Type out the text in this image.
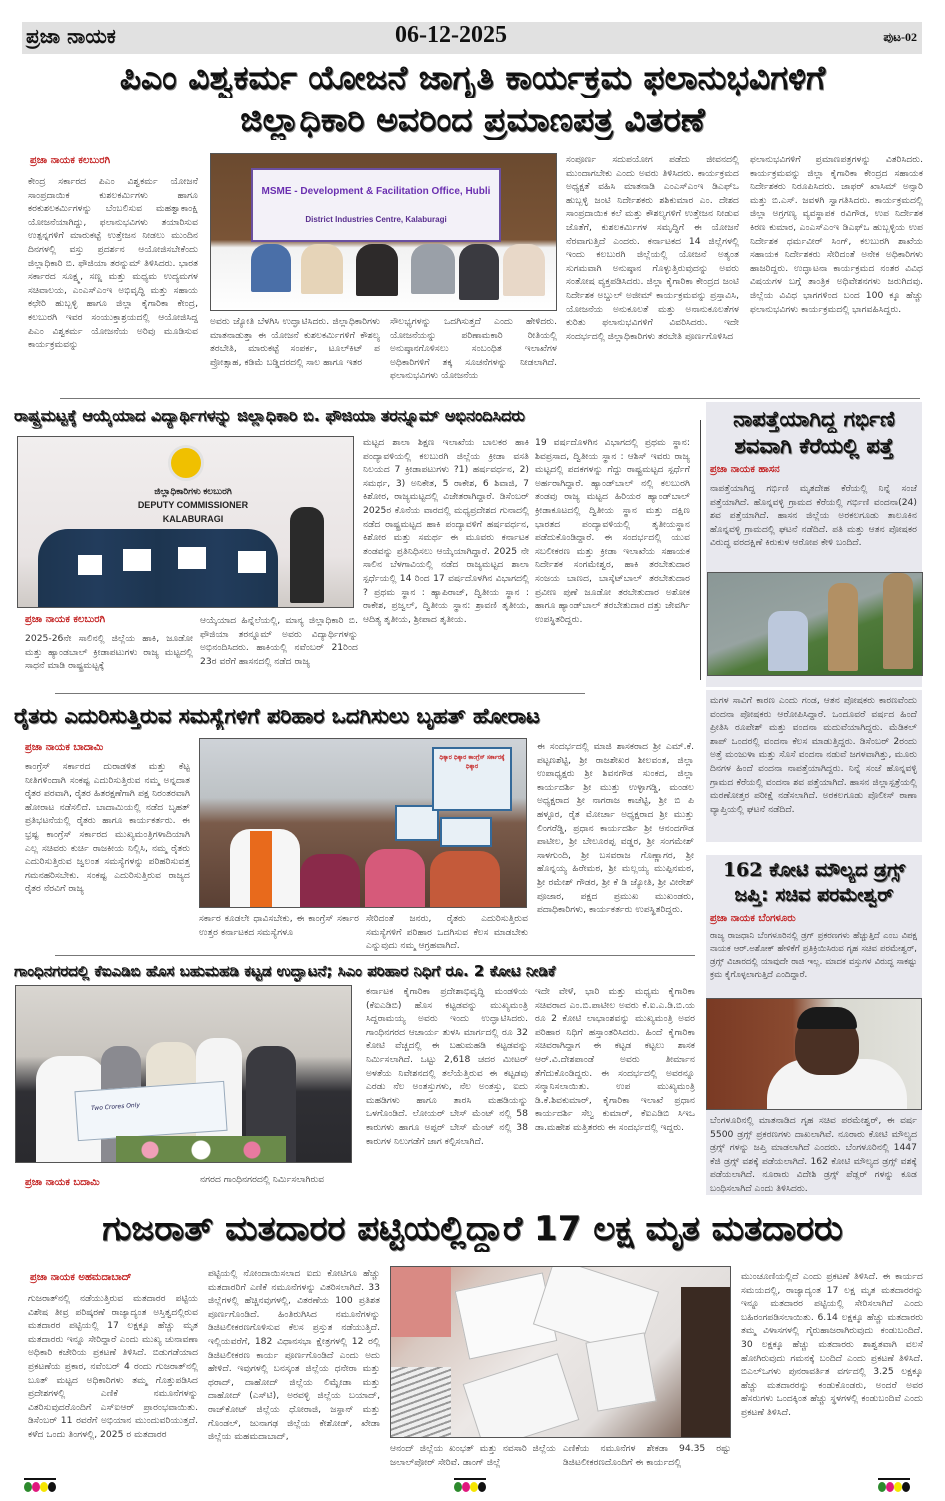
ಪ್ರಜಾ ನಾಯಕ	06-12-2025	ಪುಟ-02
ಪಿಎಂ ವಿಶ್ವಕರ್ಮ ಯೋಜನೆ ಜಾಗೃತಿ ಕಾರ್ಯಕ್ರಮ ಫಲಾನುಭವಿಗಳಿಗೆ
ಜಿಲ್ಲಾಧಿಕಾರಿ ಅವರಿಂದ ಪ್ರಮಾಣಪತ್ರ ವಿತರಣೆ
ಪ್ರಜಾ ನಾಯಕ ಕಲಬುರಗಿ
ಕೇಂದ್ರ ಸರ್ಕಾರದ ಪಿಎಂ ವಿಶ್ವಕರ್ಮ ಯೋಜನೆ ಸಾಂಪ್ರದಾಯಿಕ ಕುಶಲಕರ್ಮಿಗಳು ಹಾಗೂ ಕರಕುಶಲಕರ್ಮಿಗಳನ್ನು ಬೆಂಬಲಿಸುವ ಮಹತ್ವಾಕಾಂಕ್ಷಿ ಯೋಜನೆಯಾಗಿದ್ದು, ಫಲಾನುಭವಿಗಳು ತಯಾರಿಸುವ ಉತ್ಪನ್ನಗಳಿಗೆ ಮಾರುಕಟ್ಟೆ ಉತ್ತೇಜನ ನೀಡಲು ಮುಂದಿನ ದಿನಗಳಲ್ಲಿ ವಸ್ತು ಪ್ರದರ್ಶನ ಆಯೋಜಿಸಬೇಕೆಂದು ಜಿಲ್ಲಾಧಿಕಾರಿ ಬಿ. ಫೌಜಿಯಾ ತರನ್ನುಮ್ ತಿಳಿಸಿದರು. ಭಾರತ ಸರ್ಕಾರದ ಸೂಕ್ಷ್ಮ, ಸಣ್ಣ ಮತ್ತು ಮಧ್ಯಮ ಉದ್ಯಮಗಳ ಸಚಿವಾಲಯ, ಎಂಎಸ್‌ಎಂಇ ಅಭಿವೃದ್ಧಿ ಮತ್ತು ಸಹಾಯ ಕಛೇರಿ ಹುಬ್ಬಳ್ಳಿ ಹಾಗೂ ಜಿಲ್ಲಾ ಕೈಗಾರಿಕಾ ಕೇಂದ್ರ, ಕಲಬುರಗಿ ಇವರ ಸಂಯುಕ್ತಾಶ್ರಯದಲ್ಲಿ ಆಯೋಜಿಸಿದ್ದ ಪಿಎಂ ವಿಶ್ವಕರ್ಮ ಯೋಜನೆಯ ಅರಿವು ಮೂಡಿಸುವ ಕಾರ್ಯಕ್ರಮವನ್ನು
MSME - Development & Facilitation Office, Hubli
District Industries Centre, Kalaburagi
ಅವರು ಜ್ಯೋತಿ ಬೆಳಗಿಸಿ ಉದ್ಘಾಟಿಸಿದರು. ಜಿಲ್ಲಾಧಿಕಾರಿಗಳು ಮಾತನಾಡುತ್ತಾ ಈ ಯೋಜನೆ ಕುಶಲಕರ್ಮಿಗಳಿಗೆ ಕೌಶಲ್ಯ ತರಬೇತಿ, ಮಾರುಕಟ್ಟೆ ಸಂಪರ್ಕ, ಟೂಲ್‌ಕಿಟ್ ಪ ಪ್ರೋತ್ಸಾಹ, ಕಡಿಮೆ ಬಡ್ಡಿದರದಲ್ಲಿ ಸಾಲ ಹಾಗೂ ಇತರ
ಸೌಲಭ್ಯಗಳನ್ನು ಒದಗಿಸುತ್ತದೆ ಎಂದು ಹೇಳಿದರು. ಯೋಜನೆಯನ್ನು ಪರಿಣಾಮಕಾರಿ ರೀತಿಯಲ್ಲಿ ಅನುಷ್ಠಾನಗೊಳಿಸಲು ಸಂಬಂಧಿತ ಇಲಾಖೆಗಳ ಅಧಿಕಾರಿಗಳಿಗೆ ತಕ್ಕ ಸೂಚನೆಗಳನ್ನು ನೀಡಲಾಗಿದೆ. ಫಲಾನುಭವಿಗಳು ಯೋಜನೆಯ
ಸಂಪೂರ್ಣ ಸದುಪಯೋಗ ಪಡೆದು ಜೀವನದಲ್ಲಿ ಮುಂದಾಗಬೇಕು ಎಂದು ಅವರು ತಿಳಿಸಿದರು. ಕಾರ್ಯಕ್ರಮದ ಅಧ್ಯಕ್ಷತೆ ವಹಿಸಿ ಮಾತನಾಡಿ ಎಂಎಸ್‌ಎಂಇ ಡಿಎಫ್‌ಒ ಹುಬ್ಬಳ್ಳಿ ಜಂಟಿ ನಿರ್ದೇಶಕರು ಶಶಿಕುಮಾರ ಎಂ. ದೇಶದ ಸಾಂಪ್ರದಾಯಿಕ ಕಲೆ ಮತ್ತು ಕೌಶಲ್ಯಗಳಿಗೆ ಉತ್ತೇಜನ ನೀಡುವ ಜೊತೆಗೆ, ಕುಶಲಕರ್ಮಿಗಳ ಸಮೃದ್ಧಿಗೆ ಈ ಯೋಜನೆ ನೆರವಾಗುತ್ತಿದೆ ಎಂದರು. ಕರ್ನಾಟಕದ 14 ಜಿಲ್ಲೆಗಳಲ್ಲಿ ಇಂದು ಕಲಬುರಗಿ ಜಿಲ್ಲೆಯಲ್ಲಿ ಯೋಜನೆ ಅತ್ಯಂತ ಸುಗಮವಾಗಿ ಅನುಷ್ಠಾನ ಗೊಳ್ಳುತ್ತಿರುವುದನ್ನು ಅವರು ಸಂತೋಷ ವ್ಯಕ್ತಪಡಿಸಿದರು. ಜಿಲ್ಲಾ ಕೈಗಾರಿಕಾ ಕೇಂದ್ರದ ಜಂಟಿ ನಿರ್ದೇಶಕ ಅಬ್ದುಲ್ ಅಜೀಮ್ ಕಾರ್ಯಕ್ರಮವನ್ನು ಪ್ರಸ್ತಾವಿಸಿ, ಯೋಜನೆಯ ಅನುಕೂಲತೆ ಮತ್ತು ಅನಾನುಕೂಲತೆಗಳ ಕುರಿತು ಫಲಾನುಭವಿಗಳಿಗೆ ವಿವರಿಸಿದರು. ಇದೇ ಸಂದರ್ಭದಲ್ಲಿ ಜಿಲ್ಲಾಧಿಕಾರಿಗಳು ತರಬೇತಿ ಪೂರ್ಣಗೊಳಿಸಿದ
ಫಲಾನುಭವಿಗಳಿಗೆ ಪ್ರಮಾಣಪತ್ರಗಳನ್ನು ವಿತರಿಸಿದರು. ಕಾರ್ಯಕ್ರಮವನ್ನು ಜಿಲ್ಲಾ ಕೈಗಾರಿಕಾ ಕೇಂದ್ರದ ಸಹಾಯಕ ನಿರ್ದೇಶಕರು ನಿರೂಪಿಸಿದರು. ಜಾಫರ್ ಖಾಸಿಮ್ ಅನ್ಸಾರಿ ಮತ್ತು ಬಿ.ಎಸ್. ಜವಳಗಿ ಸ್ವಾಗತಿಸಿದರು. ಕಾರ್ಯಕ್ರಮದಲ್ಲಿ ಜಿಲ್ಲಾ ಅಗ್ರಗಣ್ಯ ವ್ಯವಸ್ಥಾಪಕ ರವಿಗೌಡ, ಉಪ ನಿರ್ದೇಶಕ ಕಿರಣ ಕುಮಾರ, ಎಂಎಸ್‌ಎಂಇ ಡಿಎಫ್‌ಒ ಹುಬ್ಬಳ್ಳಿಯ ಉಪ ನಿರ್ದೇಶಕ ಧರ್ಮವೀರ್ ಸಿಂಗ್, ಕಲಬುರಗಿ ಶಾಖೆಯ ಸಹಾಯಕ ನಿರ್ದೇಶಕರು ಸೇರಿದಂತೆ ಅನೇಕ ಅಧಿಕಾರಿಗಳು ಹಾಜರಿದ್ದರು. ಉದ್ಘಾಟನಾ ಕಾರ್ಯಕ್ರಮದ ನಂತರ ವಿವಿಧ ವಿಷಯಗಳ ಬಗ್ಗೆ ತಾಂತ್ರಿಕ ಅಧಿವೇಶನಗಳು ಜರುಗಿದವು. ಜಿಲ್ಲೆಯ ವಿವಿಧ ಭಾಗಗಳಿಂದ ಬಂದ 100 ಕ್ಕೂ ಹೆಚ್ಚು ಫಲಾನುಭವಿಗಳು ಕಾರ್ಯಕ್ರಮದಲ್ಲಿ ಭಾಗವಹಿಸಿದ್ದರು.
ರಾಷ್ಟ್ರಮಟ್ಟಕ್ಕೆ ಆಯ್ಕೆಯಾದ ವಿದ್ಯಾರ್ಥಿಗಳನ್ನು ಜಿಲ್ಲಾಧಿಕಾರಿ ಬಿ. ಫೌಜಿಯಾ ತರನ್ನೂಮ್ ಅಭಿನಂದಿಸಿದರು
ಜಿಲ್ಲಾಧಿಕಾರಿಗಳು ಕಲಬುರಗಿ
DEPUTY COMMISSIONER
KALABURAGI
ಪ್ರಜಾ ನಾಯಕ ಕಲಬುರಗಿ
2025-26ನೇ ಸಾಲಿನಲ್ಲಿ ಜಿಲ್ಲೆಯ ಹಾಕಿ, ಜೂಡೋ ಮತ್ತು ಹ್ಯಾಂಡಬಾಲ್ ಕ್ರೀಡಾಪಟುಗಳು ರಾಜ್ಯ ಮಟ್ಟದಲ್ಲಿ ಸಾಧನೆ ಮಾಡಿ ರಾಷ್ಟ್ರಮಟ್ಟಕ್ಕೆ
ಆಯ್ಕೆಯಾದ ಹಿನ್ನೆಲೆಯಲ್ಲಿ, ಮಾನ್ಯ ಜಿಲ್ಲಾಧಿಕಾರಿ ಬಿ. ಫೌಜಿಯಾ ತರನ್ನೂಮ್ ಅವರು ವಿದ್ಯಾರ್ಥಿಗಳನ್ನು ಅಭಿನಂದಿಸಿದರು. ಹಾಕಿಯಲ್ಲಿ ನವೆಂಬರ್ 21ರಿಂದ 23ರ ವರೆಗೆ ಹಾಸನದಲ್ಲಿ ನಡೆದ ರಾಜ್ಯ
ಮಟ್ಟದ ಶಾಲಾ ಶಿಕ್ಷಣ ಇಲಾಖೆಯ ಬಾಲಕರ ಹಾಕಿ ಪಂದ್ಯಾವಳಿಯಲ್ಲಿ ಕಲಬುರಗಿ ಜಿಲ್ಲೆಯ ಕ್ರೀಡಾ ವಸತಿ ನಿಲಯದ 7 ಕ್ರೀಡಾಪಟುಗಳು ?1) ಹರ್ಷವರ್ಧನ, 2) ಸಮರ್ಥ, 3) ಅನಿಕೇತ, 5 ರಾಕೇಶ, 6 ಶಿವಾಜಿ, 7 ಕಿಶೋರ, ರಾಜ್ಯಮಟ್ಟದಲ್ಲಿ ವಿಜೇತರಾಗಿದ್ದಾರೆ. ಡಿಸೆಂಬರ್ 2025ರ ಕೊನೆಯ ವಾರದಲ್ಲಿ ಮಧ್ಯಪ್ರದೇಶದ ಗುನಾದಲ್ಲಿ ನಡೆದ ರಾಷ್ಟ್ರಮಟ್ಟದ ಹಾಕಿ ಪಂದ್ಯಾವಳಿಗೆ ಹರ್ಷವರ್ಧನ, ಕಿಶೋರ ಮತ್ತು ಸಮರ್ಥ ಈ ಮೂವರು ಕರ್ನಾಟಕ ತಂಡವನ್ನು ಪ್ರತಿನಿಧಿಸಲು ಆಯ್ಕೆಯಾಗಿದ್ದಾರೆ. 2025 ನೇ ಸಾಲಿನ ಬೆಳಗಾವಿಯಲ್ಲಿ ನಡೆದ ರಾಜ್ಯಮಟ್ಟದ ಶಾಲಾ ಸ್ಪರ್ಧೆಯಲ್ಲಿ 14 ರಿಂದ 17 ವರ್ಷದೊಳಗಿನ ವಿಭಾಗದಲ್ಲಿ ? ಪ್ರಥಮ ಸ್ಥಾನ : ಹ್ಯಾಪಿರಾಜ್, ದ್ವಿತೀಯ ಸ್ಥಾನ : ರಾಕೇಶ, ಪ್ರಜ್ವಲ್, ದ್ವಿತೀಯ ಸ್ಥಾನ: ಶ್ರಾವಣಿ ತೃತೀಯ, ಆದಿತ್ಯ ತೃತೀಯ, ಶ್ರೀಪಾದ ತೃತೀಯ.
19 ವರ್ಷದೊಳಗಿನ ವಿಭಾಗದಲ್ಲಿ ಪ್ರಥಮ ಸ್ಥಾನ: ಶಿವಪ್ರಸಾದ, ದ್ವಿತೀಯ ಸ್ಥಾನ : ಆಶಿಸ್ ಇವರು ರಾಜ್ಯ ಮಟ್ಟದಲ್ಲಿ ಪದಕಗಳನ್ನು ಗೆದ್ದು ರಾಷ್ಟ್ರಮಟ್ಟದ ಸ್ಪರ್ಧೆಗೆ ಅರ್ಹರಾಗಿದ್ದಾರೆ. ಹ್ಯಾಂಡ್‌ಬಾಲ್ ನಲ್ಲಿ ಕಲಬುರಗಿ ತಂಡವು ರಾಜ್ಯ ಮಟ್ಟದ ಹಿರಿಯರ ಹ್ಯಾಂಡ್‌ಬಾಲ್ ಕ್ರೀಡಾಕೂಟದಲ್ಲಿ ದ್ವಿತೀಯ ಸ್ಥಾನ ಮತ್ತು ದಕ್ಷಿಣ ಭಾರತದ ಪಂದ್ಯಾವಳಿಯಲ್ಲಿ ತೃತೀಯಸ್ಥಾನ ಪಡೆದುಕೊಂಡಿದ್ದಾರೆ. ಈ ಸಂದರ್ಭದಲ್ಲಿ ಯುವ ಸಬಲೀಕರಣ ಮತ್ತು ಕ್ರೀಡಾ ಇಲಾಖೆಯ ಸಹಾಯಕ ನಿರ್ದೇಶಕ ಸಂಗಮೇಶ್ವರ, ಹಾಕಿ ತರಬೇತುದಾರ ಸಂಜಯ ಬಾಣದ, ಬಾಸ್ಕೆಟ್‌ಬಾಲ್ ತರಬೇತುದಾರ ಪ್ರವೀಣ ಪುಣೆ ಜೂಡೋ ತರಬೇತುದಾರ ಅಶೋಕ ಹಾಗೂ ಹ್ಯಾಂಡ್‌ಬಾಲ್ ತರಬೇತುದಾರ ದತ್ತು ಜೇವರ್ಗಿ ಉಪಸ್ಥಿತರಿದ್ದರು.
ನಾಪತ್ತೆಯಾಗಿದ್ದ ಗರ್ಭಿಣಿ
ಶವವಾಗಿ ಕೆರೆಯಲ್ಲಿ ಪತ್ತೆ
ಪ್ರಜಾ ನಾಯಕ ಹಾಸನ
ನಾಪತ್ತೆಯಾಗಿದ್ದ ಗರ್ಭಿಣಿ ಮೃತದೇಹ ಕೆರೆಯಲ್ಲಿ ನಿನ್ನೆ ಸಂಜೆ ಪತ್ತೆಯಾಗಿದೆ. ಹೊನ್ನವಳ್ಳಿ ಗ್ರಾಮದ ಕೆರೆಯಲ್ಲಿ ಗರ್ಭಿಣಿ ವಂದನಾ(24) ಶವ ಪತ್ತೆಯಾಗಿದೆ. ಹಾಸನ ಜಿಲ್ಲೆಯ ಅರಕಲಗೂಡು ತಾಲೂಕಿನ ಹೊನ್ನವಳ್ಳಿ ಗ್ರಾಮದಲ್ಲಿ ಘಟನೆ ನಡೆದಿದೆ. ಪತಿ ಮತ್ತು ಆತನ ಪೋಷಕರ ವಿರುದ್ಧ ವರದಕ್ಷಿಣೆ ಕಿರುಕುಳ ಆರೋಪ ಕೇಳಿ ಬಂದಿದೆ.
ಮಗಳ ಸಾವಿಗೆ ಕಾರಣ ಎಂದು ಗಂಡ, ಆತನ ಪೋಷಕರು ಕಾರಣವೆಂದು ವಂದನಾ ಪೋಷಕರು ಆರೋಪಿಸಿದ್ದಾರೆ. ಒಂದೂವರೆ ವರ್ಷದ ಹಿಂದೆ ಪ್ರೀತಿಸಿ ರೂಪೇಶ್ ಮತ್ತು ವಂದನಾ ಮದುವೆಯಾಗಿದ್ದರು. ಮೆಡಿಕಲ್ ಶಾಪ್ ಒಂದರಲ್ಲಿ ವಂದನಾ ಕೆಲಸ ಮಾಡುತ್ತಿದ್ದರು. ಡಿಸೆಂಬರ್ 2ರಂದು ಅತ್ತೆ ಮಂಜುಳಾ ಮತ್ತು ಸೊಸೆ ವಂದನಾ ನಡುವೆ ಜಗಳವಾಗಿತ್ತು, ಮೂರು ದಿನಗಳ ಹಿಂದೆ ವಂದನಾ ನಾಪತ್ತೆಯಾಗಿದ್ದರು. ನಿನ್ನೆ ಸಂಜೆ ಹೊನ್ನವಳ್ಳಿ ಗ್ರಾಮದ ಕೆರೆಯಲ್ಲಿ ವಂದನಾ ಶವ ಪತ್ತೆಯಾಗಿದೆ. ಹಾಸನ ಜಿಲ್ಲಾಸ್ಪತ್ರೆಯಲ್ಲಿ ಮರಣೋತ್ತರ ಪರೀಕ್ಷೆ ನಡೆಸಲಾಗಿದೆ. ಅರಕಲಗೂಡು ಪೊಲೀಸ್ ಠಾಣಾ ವ್ಯಾಪ್ತಿಯಲ್ಲಿ ಘಟನೆ ನಡೆದಿದೆ.
ರೈತರು ಎದುರಿಸುತ್ತಿರುವ ಸಮಸ್ಯೆಗಳಿಗೆ ಪರಿಹಾರ ಒದಗಿಸುಲು ಬೃಹತ್ ಹೋರಾಟ
ಪ್ರಜಾ ನಾಯಕ ಬಾದಾಮಿ
ಕಾಂಗ್ರೆಸ್ ಸರ್ಕಾರದ ದುರಾಡಳಿತ ಮತ್ತು ಕೆಟ್ಟ ನೀತಿಗಳಿಂದಾಗಿ ಸಂಕಷ್ಟ ಎದುರಿಸುತ್ತಿರುವ ನಮ್ಮ ಅನ್ನದಾತ ರೈತರ ಪರವಾಗಿ, ರೈತರ ಹಿತರಕ್ಷಣೆಗಾಗಿ ಪಕ್ಷ ನಿರಂತರವಾಗಿ ಹೋರಾಟ ನಡೆಸಲಿದೆ. ಬಾದಾಮಿಯಲ್ಲಿ ನಡೆದ ಬೃಹತ್ ಪ್ರತಿಭಟನೆಯಲ್ಲಿ ರೈತರು ಹಾಗೂ ಕಾರ್ಯಕರ್ತರು. ಈ ಭ್ರಷ್ಟ ಕಾಂಗ್ರೆಸ್ ಸರ್ಕಾರದ ಮುಖ್ಯಮಂತ್ರಿಗಳಾದಿಯಾಗಿ ಎಲ್ಲ ಸಚಿವರು ಕುರ್ಚಿ ರಾಜಕೀಯ ನಿಲ್ಲಿಸಿ, ನಮ್ಮ ರೈತರು ಎದುರಿಸುತ್ತಿರುವ ಜ್ವಲಂತ ಸಮಸ್ಯೆಗಳನ್ನು ಪರಿಹರಿಸುವತ್ತ ಗಮನಹರಿಸಬೇಕು. ಸಂಕಷ್ಟ ಎದುರಿಸುತ್ತಿರುವ ರಾಜ್ಯದ ರೈತರ ನೆರವಿಗೆ ರಾಜ್ಯ
ಧಿಕ್ಕಾರ ಧಿಕ್ಕಾರ ಕಾಂಗ್ರೆಸ್ ಸರ್ಕಾರಕ್ಕೆ ಧಿಕ್ಕಾರ
ಸರ್ಕಾರ ಕೂಡಲೇ ಧಾವಿಸಬೇಕು, ಈ ಕಾಂಗ್ರೆಸ್ ಸರ್ಕಾರ ಉತ್ತರ ಕರ್ನಾಟಕದ ಸಮಸ್ಯೆಗಳೂ
ಸೇರಿದಂತೆ ಜನರು, ರೈತರು ಎದುರಿಸುತ್ತಿರುವ ಸಮಸ್ಯೆಗಳಿಗೆ ಪರಿಹಾರ ಒದಗಿಸುವ ಕೆಲಸ ಮಾಡಬೇಕು ಎನ್ನುವುದು ನಮ್ಮ ಆಗ್ರಹವಾಗಿದೆ.
ಈ ಸಂದರ್ಭದಲ್ಲಿ ಮಾಜಿ ಶಾಸಕರಾದ ಶ್ರೀ ಎಮ್.ಕೆ. ಪಟ್ಟಣಶೆಟ್ಟಿ, ಶ್ರೀ ರಾಜಶೇಖರ ಶೀಲವಂತ, ಜಿಲ್ಲಾ ಉಪಾಧ್ಯಕ್ಷರು ಶ್ರೀ ಶಿವನಗೌಡ ಸುಂಕದ, ಜಿಲ್ಲಾ ಕಾರ್ಯದರ್ಶಿ ಶ್ರೀ ಮುತ್ತು ಉಳ್ಳಾಗಡ್ಡಿ, ಮಂಡಲ ಅಧ್ಯಕ್ಷರಾದ ಶ್ರೀ ನಾಗರಾಜ ಕಾಚೆಟ್ಟಿ, ಶ್ರೀ ಬಿ ಪಿ ಹಳ್ಳೂರ, ರೈತ ಮೋರ್ಚಾ ಅಧ್ಯಕ್ಷರಾದ ಶ್ರೀ ಮುತ್ತು ಲಿಂಗರೆಡ್ಡಿ, ಪ್ರಧಾನ ಕಾರ್ಯದರ್ಶಿ ಶ್ರೀ ಆನಂದಗೌಡ ಪಾಟೀಲ, ಶ್ರೀ ಬೇಲೂರಪ್ಪ ವಡ್ಡರ, ಶ್ರೀ ಸಂಗಮೇಶ್ ಸಾಳಗುಂದಿ, ಶ್ರೀ ಬಸವರಾಜ ಗೊಣ್ಣಾಗರ, ಶ್ರೀ ಹೊನ್ನಯ್ಯ ಹಿರೇಮಠ, ಶ್ರೀ ಮಲ್ಲಯ್ಯ ಮುಪ್ಪಿನಮಠ, ಶ್ರೀ ರಮೇಶ್ ಗೌಡರ, ಶ್ರೀ ಕೆ ಡಿ ಜ್ಯೋತಿ, ಶ್ರೀ ವೀರೇಶ್ ಪೂಜಾರ, ಪಕ್ಷದ ಪ್ರಮುಖ ಮುಖಂಡರು, ಪದಾಧಿಕಾರಿಗಳು, ಕಾರ್ಯಕರ್ತರು ಉಪಸ್ಥಿತರಿದ್ದರು.
162 ಕೋಟಿ ಮೌಲ್ಯದ ಡ್ರಗ್ಸ್
ಜಪ್ತಿ: ಸಚಿವ ಪರಮೇಶ್ವರ್
ಪ್ರಜಾ ನಾಯಕ ಬೆಂಗಳೂರು
ರಾಜ್ಯ ರಾಜಧಾನಿ ಬೆಂಗಳೂರಿನಲ್ಲಿ ಡ್ರಗ್ ಪ್ರಕರಣಗಳು ಹೆಚ್ಚುತ್ತಿದೆ ಎಂಬ ವಿಪಕ್ಷ ನಾಯಕ ಆರ್.ಅಶೋಕ್ ಹೇಳಿಕೆಗೆ ಪ್ರತಿಕ್ರಿಯಿಸಿರುವ ಗೃಹ ಸಚಿವ ಪರಮೇಶ್ವರ್, ಡ್ರಗ್ಸ್ ವಿಚಾರದಲ್ಲಿ ಯಾವುದೇ ರಾಜಿ ಇಲ್ಲ. ಮಾದಕ ವಸ್ತುಗಳ ವಿರುದ್ಧ ಸಾಕಷ್ಟು ಕ್ರಮ ಕೈಗೊಳ್ಳಲಾಗುತ್ತಿದೆ ಎಂದಿದ್ದಾರೆ.
ಬೆಂಗಳೂರಿನಲ್ಲಿ ಮಾತನಾಡಿದ ಗೃಹ ಸಚಿವ ಪರಮೇಶ್ವರ್, ಈ ವರ್ಷ 5500 ಡ್ರಗ್ಸ್ ಪ್ರಕರಣಗಳು ದಾಖಲಾಗಿವೆ. ನೂರಾರು ಕೋಟಿ ಮೌಲ್ಯದ ಡ್ರಗ್ಸ್ ಗಳನ್ನು ಜಪ್ತಿ ಮಾಡಲಾಗಿದೆ ಎಂದರು. ಬೆಂಗಳೂರಿನಲ್ಲಿ 1447 ಕೆಜಿ ಡ್ರಗ್ಸ್ ವಶಕ್ಕೆ ಪಡೆಯಲಾಗಿದೆ. 162 ಕೋಟಿ ಮೌಲ್ಯದ ಡ್ರಗ್ಸ್ ವಶಕ್ಕೆ ಪಡೆಯಲಾಗಿದೆ. ನೂರಾರು ವಿದೇಶಿ ಡ್ರಗ್ಸ್ ಪೆಡ್ಲರ್ ಗಳನ್ನು ಕೂಡ ಬಂಧಿಸಲಾಗಿದೆ ಎಂದು ತಿಳಿಸಿದರು.
ಗಾಂಧಿನಗರದಲ್ಲಿ ಕೆಐಎಡಿಬಿ ಹೊಸ ಬಹುಮಹಡಿ ಕಟ್ಟಡ ಉದ್ಘಾಟನೆ; ಸಿಎಂ ಪರಿಹಾರ ನಿಧಿಗೆ ರೂ. 2 ಕೋಟಿ ನೀಡಿಕೆ
Two Crores Only
ಪ್ರಜಾ ನಾಯಕ ಬದಾಮಿ	ನಗರದ ಗಾಂಧಿನಗರದಲ್ಲಿ ನಿರ್ಮಿಸಲಾಗಿರುವ
ಕರ್ನಾಟಕ ಕೈಗಾರಿಕಾ ಪ್ರದೇಶಾಭಿವೃದ್ಧಿ ಮಂಡಳಿಯ (ಕೆಐಎಡಿಬಿ) ಹೊಸ ಕಟ್ಟಡವನ್ನು ಮುಖ್ಯಮಂತ್ರಿ ಸಿದ್ದರಾಮಯ್ಯ ಅವರು ಇಂದು ಉದ್ಘಾಟಿಸಿದರು. ಗಾಂಧಿನಗರದ ಆಚಾರ್ಯ ತುಳಸಿ ಮಾರ್ಗದಲ್ಲಿ ರೂ 32 ಕೋಟಿ ವೆಚ್ಚದಲ್ಲಿ ಈ ಬಹುಮಹಡಿ ಕಟ್ಟಡವನ್ನು ನಿರ್ಮಿಸಲಾಗಿದೆ. ಒಟ್ಟು 2,618 ಚದರ ಮೀಟರ್ ಅಳತೆಯ ನಿವೇಶನದಲ್ಲಿ ತಲೆಯೆತ್ತಿರುವ ಈ ಕಟ್ಟಡವು ಎರಡು ನೆಲ ಅಂತಸ್ತುಗಳು, ನೆಲ ಅಂತಸ್ತು, ಐದು ಮಹಡಿಗಳು ಹಾಗೂ ತಾರಸಿ ಮಹಡಿಯನ್ನು ಒಳಗೊಂಡಿದೆ. ಲೋಯರ್ ಬೇಸ್ ಮೆಂಟ್ ನಲ್ಲಿ 58 ಕಾರುಗಳು ಹಾಗೂ ಅಪ್ಪರ್ ಬೇಸ್ ಮೆಂಟ್ ನಲ್ಲಿ 38 ಕಾರುಗಳ ನಿಲುಗಡೆಗೆ ಜಾಗ ಕಲ್ಪಿಸಲಾಗಿದೆ.
ಇದೇ ವೇಳೆ, ಭಾರಿ ಮತ್ತು ಮಧ್ಯಮ ಕೈಗಾರಿಕಾ ಸಚಿವರಾದ ಎಂ.ಬಿ.ಪಾಟೀಲ ಅವರು ಕೆ.ಐ.ಎ.ಡಿ.ಬಿ.ಯ ರೂ 2 ಕೋಟಿ ಲಾಭಾಂಶವನ್ನು ಮುಖ್ಯಮಂತ್ರಿ ಅವರ ಪರಿಹಾರ ನಿಧಿಗೆ ಹಸ್ತಾಂತರಿಸಿದರು. ಹಿಂದೆ ಕೈಗಾರಿಕಾ ಸಚಿವರಾಗಿದ್ದಾಗ ಈ ಕಟ್ಟಡ ಕಟ್ಟಲು ಶಾಸಕ ಆರ್.ವಿ.ದೇಶಪಾಂಡೆ ಅವರು ತೀರ್ಮಾನ ತೆಗೆದುಕೊಂಡಿದ್ದರು. ಈ ಸಂದರ್ಭದಲ್ಲಿ ಅವರನ್ನೂ ಸನ್ಮಾನಿಸಲಾಯಿತು. ಉಪ ಮುಖ್ಯಮಂತ್ರಿ ಡಿ.ಕೆ.ಶಿವಕುಮಾರ್, ಕೈಗಾರಿಕಾ ಇಲಾಖೆ ಪ್ರಧಾನ ಕಾರ್ಯದರ್ಶಿ ಸೆಲ್ವ ಕುಮಾರ್, ಕೆಐಎಡಿಬಿ ಸಿಇಒ ಡಾ.ಮಹೇಶ ಮತ್ತಿತರರು ಈ ಸಂದರ್ಭದಲ್ಲಿ ಇದ್ದರು.
ಗುಜರಾತ್ ಮತದಾರರ ಪಟ್ಟಿಯಲ್ಲಿದ್ದಾರೆ 17 ಲಕ್ಷ ಮೃತ ಮತದಾರರು
ಪ್ರಜಾ ನಾಯಕ ಅಹಮದಾಬಾದ್
ಗುಜರಾತ್‌ನಲ್ಲಿ ನಡೆಯುತ್ತಿರುವ ಮತದಾರರ ಪಟ್ಟಿಯ ವಿಶೇಷ ತೀವ್ರ ಪರಿಷ್ಕರಣೆ ರಾಜ್ಯಾದ್ಯಂತ ಅಸ್ತಿತ್ವದಲ್ಲಿರುವ ಮತದಾರರ ಪಟ್ಟಿಯಲ್ಲಿ 17 ಲಕ್ಷಕ್ಕೂ ಹೆಚ್ಚು ಮೃತ ಮತದಾರರು ಇನ್ನೂ ಸೇರಿದ್ದಾರೆ ಎಂದು ಮುಖ್ಯ ಚುನಾವಣಾ ಅಧಿಕಾರಿ ಕಚೇರಿಯ ಪ್ರಕಟಣೆ ತಿಳಿಸಿದೆ. ಬಿಡುಗಡೆಯಾದ ಪ್ರಕಟಣೆಯ ಪ್ರಕಾರ, ನವೆಂಬರ್ 4 ರಂದು ಗುಜರಾತ್‌ನಲ್ಲಿ ಬೂತ್ ಮಟ್ಟದ ಅಧಿಕಾರಿಗಳು ತಮ್ಮ ಗೊತ್ತುಪಡಿಸಿದ ಪ್ರದೇಶಗಳಲ್ಲಿ ಎಣಿಕೆ ನಮೂನೆಗಳನ್ನು ವಿತರಿಸುವುದರೊಂದಿಗೆ ಎಸ್‌ಐಆರ್ ಪ್ರಾರಂಭವಾಯಿತು. ಡಿಸೆಂಬರ್ 11 ರವರೆಗೆ ಅಭಿಯಾನ ಮುಂದುವರಿಯುತ್ತದೆ. ಕಳೆದ ಒಂದು ತಿಂಗಳಲ್ಲಿ, 2025 ರ ಮತದಾರರ
ಪಟ್ಟಿಯಲ್ಲಿ ನೋಂದಾಯಿಸಲಾದ ಐದು ಕೋಟಿಗೂ ಹೆಚ್ಚು ಮತದಾರರಿಗೆ ಎಣಿಕೆ ನಮೂನೆಗಳನ್ನು ವಿತರಿಸಲಾಗಿದೆ. 33 ಜಿಲ್ಲೆಗಳಲ್ಲಿ ಹೆಚ್ಚಿನವುಗಳಲ್ಲಿ, ವಿತರಣೆಯ 100 ಪ್ರತಿಶತ ಪೂರ್ಣಗೊಂಡಿದೆ. ಹಿಂತಿರುಗಿಸಿದ ನಮೂನೆಗಳನ್ನು ಡಿಜಿಟಲೀಕರಣಗೊಳಿಸುವ ಕೆಲಸ ಪ್ರಸ್ತುತ ನಡೆಯುತ್ತಿದೆ. ಇಲ್ಲಿಯವರೆಗೆ, 182 ವಿಧಾನಸಭಾ ಕ್ಷೇತ್ರಗಳಲ್ಲಿ 12 ರಲ್ಲಿ ಡಿಜಿಟಲೀಕರಣ ಕಾರ್ಯ ಪೂರ್ಣಗೊಂಡಿದೆ ಎಂದು ಅದು ಹೇಳಿದೆ. ಇವುಗಳಲ್ಲಿ ಬನಸ್ಕಂತ ಜಿಲ್ಲೆಯ ಧನೇರಾ ಮತ್ತು ಥರಾದ್, ದಾಹೋದ್ ಜಿಲ್ಲೆಯ ಲಿಮ್ಖೇಡಾ ಮತ್ತು ದಾಹೋದ್ (ಎಸ್‌ಟಿ), ಅರವಳ್ಳಿ ಜಿಲ್ಲೆಯ ಬಯಾದ್, ರಾಜ್‌ಕೋಟ್ ಜಿಲ್ಲೆಯ ಧೋರಾಜಿ, ಜಸ್ದಾನ್ ಮತ್ತು ಗೊಂಡಲ್, ಜುನಾಗಢ ಜಿಲ್ಲೆಯ ಕೇಶೋಡ್, ಖೇಡಾ ಜಿಲ್ಲೆಯ ಮಹಮದಾಬಾದ್,
ಆನಂದ್ ಜಿಲ್ಲೆಯ ಖಂಭತ್ ಮತ್ತು ನವಸಾರಿ ಜಿಲ್ಲೆಯ ಜಲಾಲ್‌ಪೋರ್ ಸೇರಿವೆ. ಡಾಂಗ್ ಜಿಲ್ಲೆ
ಎಣಿಕೆಯ ನಮೂನೆಗಳ ಶೇಕಡಾ 94.35 ರಷ್ಟು ಡಿಜಿಟಲೀಕರಣದೊಂದಿಗೆ ಈ ಕಾರ್ಯದಲ್ಲಿ
ಮುಂಚೂಣಿಯಲ್ಲಿದೆ ಎಂದು ಪ್ರಕಟಣೆ ತಿಳಿಸಿದೆ. ಈ ಕಾರ್ಯದ ಸಮಯದಲ್ಲಿ, ರಾಜ್ಯಾದ್ಯಂತ 17 ಲಕ್ಷ ಮೃತ ಮತದಾರರನ್ನು ಇನ್ನೂ ಮತದಾರರ ಪಟ್ಟಿಯಲ್ಲಿ ಸೇರಿಸಲಾಗಿದೆ ಎಂದು ಬಹಿರಂಗಪಡಿಸಲಾಯಿತು. 6.14 ಲಕ್ಷಕ್ಕೂ ಹೆಚ್ಚು ಮತದಾರರು ತಮ್ಮ ವಿಳಾಸಗಳಲ್ಲಿ ಗೈರುಹಾಜರಾಗಿರುವುದು ಕಂಡುಬಂದಿದೆ. 30 ಲಕ್ಷಕ್ಕೂ ಹೆಚ್ಚು ಮತದಾರರು ಶಾಶ್ವತವಾಗಿ ವಲಸೆ ಹೋಗಿರುವುದು ಗಮನಕ್ಕೆ ಬಂದಿದೆ ಎಂದು ಪ್ರಕಟಣೆ ತಿಳಿಸಿದೆ. ಬಿಎಲ್‌ಒಗಳು ಪುನರಾವರ್ತಿತ ವರ್ಗದಲ್ಲಿ 3.25 ಲಕ್ಷಕ್ಕೂ ಹೆಚ್ಚು ಮತದಾರರನ್ನು ಕಂಡುಕೊಂಡರು, ಅಂದರೆ ಅವರ ಹೆಸರುಗಳು ಒಂದಕ್ಕಿಂತ ಹೆಚ್ಚು ಸ್ಥಳಗಳಲ್ಲಿ ಕಂಡುಬಂದಿವೆ ಎಂದು ಪ್ರಕಟಣೆ ತಿಳಿಸಿದೆ.
